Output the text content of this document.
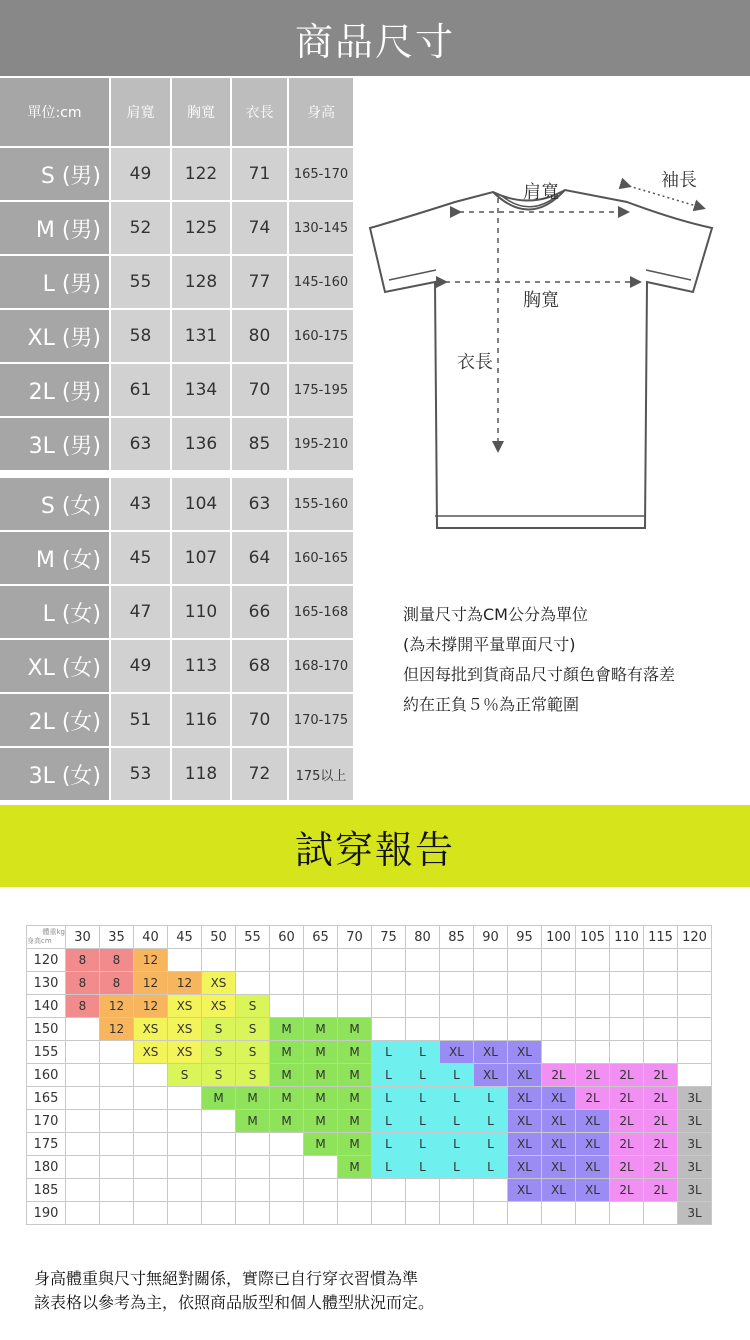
商品尺寸
單位:cm	肩寬	胸寬	衣長	身高
S (男)	49	122	71	165-170
M (男)	52	125	74	130-145
L (男)	55	128	77	145-160
XL (男)	58	131	80	160-175
2L (男)	61	134	70	175-195
3L (男)	63	136	85	195-210
S (女)	43	104	63	155-160
M (女)	45	107	64	160-165
L (女)	47	110	66	165-168
XL (女)	49	113	68	168-170
2L (女)	51	116	70	170-175
3L (女)	53	118	72	175以上
肩寬
袖長
胸寬
衣長
測量尺寸為CM公分為單位
(為未撐開平量單面尺寸)
但因每批到貨商品尺寸顏色會略有落差
約在正負５％為正常範圍
試穿報告
體重kg
身高cm	30	35	40	45	50	55	60	65	70	75	80	85	90	95	100	105	110	115	120
120	8	8	12																
130	8	8	12	12	XS														
140	8	12	12	XS	XS	S													
150		12	XS	XS	S	S	M	M	M										
155			XS	XS	S	S	M	M	M	L	L	XL	XL	XL					
160				S	S	S	M	M	M	L	L	L	XL	XL	2L	2L	2L	2L	
165					M	M	M	M	M	L	L	L	L	XL	XL	2L	2L	2L	3L
170						M	M	M	M	L	L	L	L	XL	XL	XL	2L	2L	3L
175								M	M	L	L	L	L	XL	XL	XL	2L	2L	3L
180									M	L	L	L	L	XL	XL	XL	2L	2L	3L
185														XL	XL	XL	2L	2L	3L
190																			3L
身高體重與尺寸無絕對關係，實際已自行穿衣習慣為準
該表格以參考為主，依照商品版型和個人體型狀況而定。
